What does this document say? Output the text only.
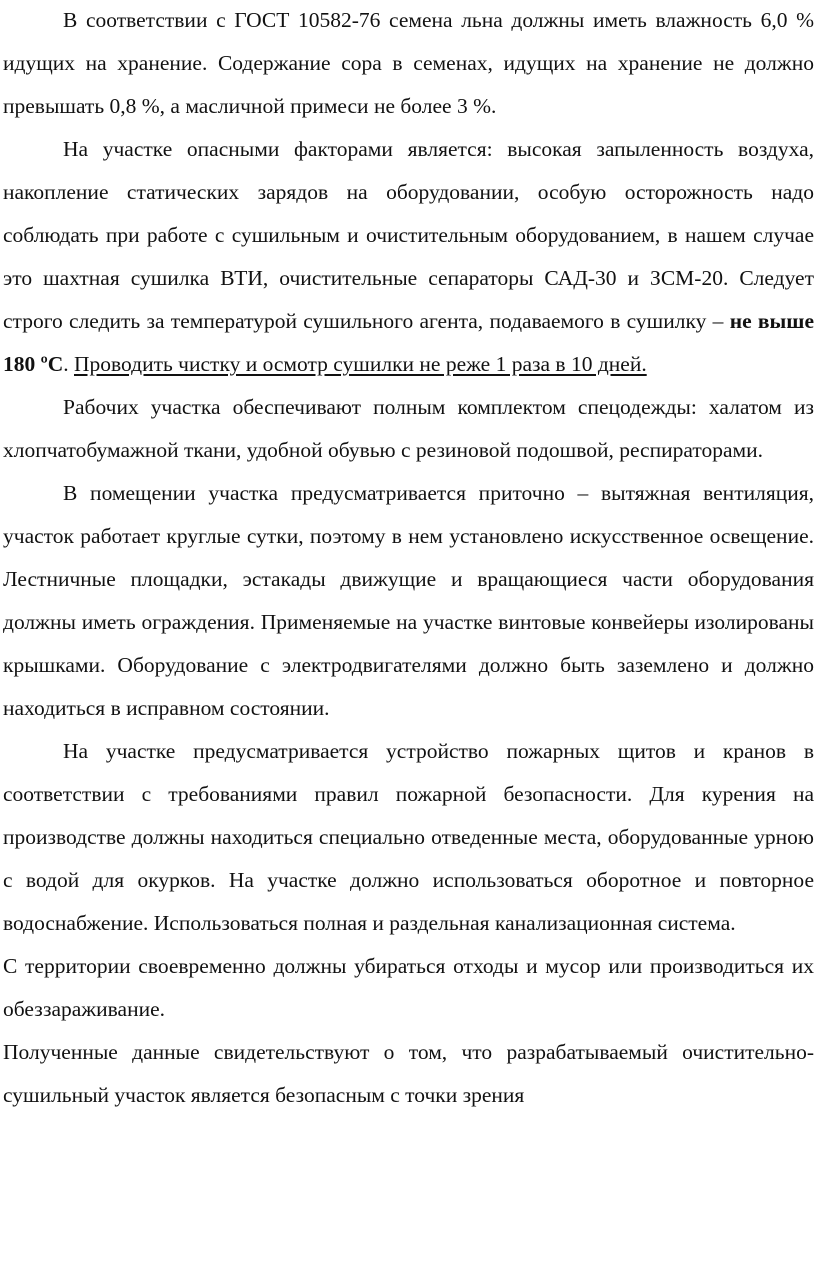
В соответствии с ГОСТ 10582-76 семена льна должны иметь влажность 6,0 % идущих на хранение. Содержание сора в семенах, идущих на хранение не должно превышать 0,8 %, а масличной примеси не более 3 %.

На участке опасными факторами является: высокая запыленность воздуха, накопление статических зарядов на оборудовании, особую осторожность надо соблюдать при работе с сушильным и очистительным оборудованием, в нашем случае это шахтная сушилка ВТИ, очистительные сепараторы САД-30 и ЗСМ-20. Следует строго следить за температурой сушильного агента, подаваемого в сушилку – не выше 180 ºС. Проводить чистку и осмотр сушилки не реже 1 раза в 10 дней.

Рабочих участка обеспечивают полным комплектом спецодежды: халатом из хлопчатобумажной ткани, удобной обувью с резиновой подошвой, респираторами.

В помещении участка предусматривается приточно – вытяжная вентиляция, участок работает круглые сутки, поэтому в нем установлено искусственное освещение. Лестничные площадки, эстакады движущие и вращающиеся части оборудования должны иметь ограждения. Применяемые на участке винтовые конвейеры изолированы крышками. Оборудование с электродвигателями должно быть заземлено и должно находиться в исправном состоянии.

На участке предусматривается устройство пожарных щитов и кранов в соответствии с требованиями правил пожарной безопасности. Для курения на производстве должны находиться специально отведенные места, оборудованные урною с водой для окурков. На участке должно использоваться оборотное и повторное водоснабжение. Использоваться полная и раздельная канализационная система.

С территории своевременно должны убираться отходы и мусор или производиться их обеззараживание.

Полученные данные свидетельствуют о том, что разрабатываемый очистительно-сушильный участок является безопасным с точки зрения
